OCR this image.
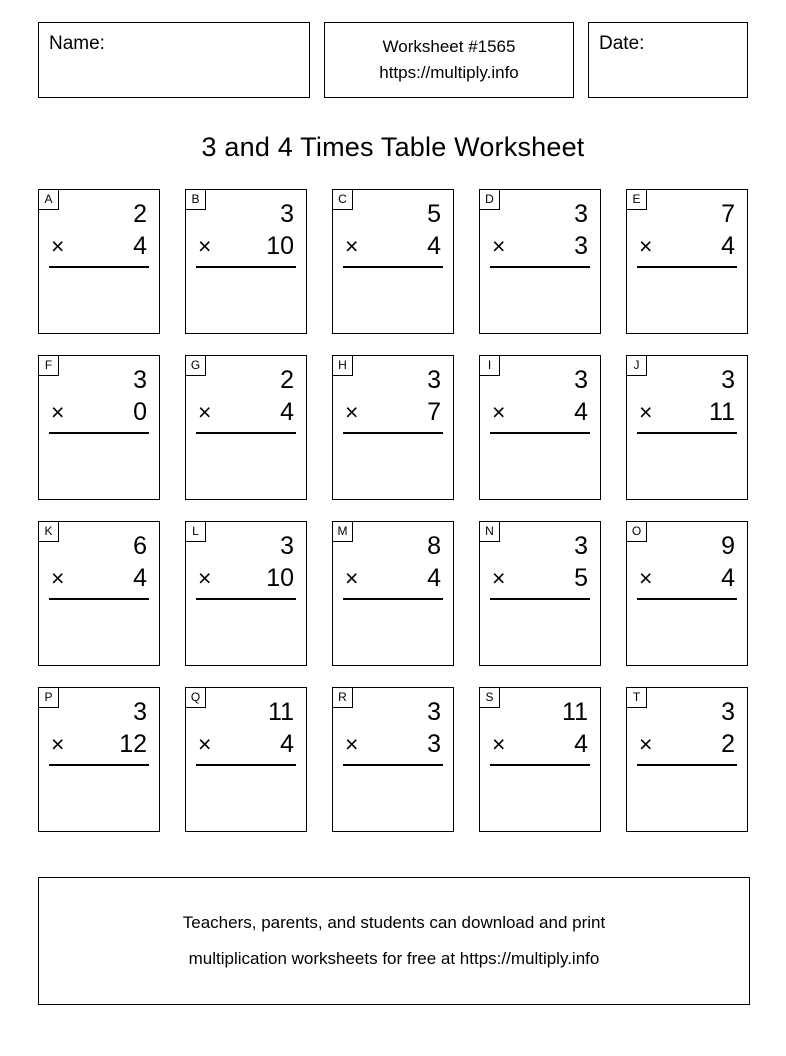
Name:	Worksheet #1565
https://multiply.info
Date:
3 and 4 Times Table Worksheet
A
2
×	4
B
3
× 10
C
5
×	4
D
3
×	3
E
7
×	4
F
3
×	0
G
2
×	4
H
3
×	7
I
3
×	4
J
3
× 11
K
6
×	4
L
3
× 10
M
8
×	4
N
3
×	5
O
9
×	4
P
3
× 12
Q
11
×	4
R
3
×	3
S
11
×	4
T
3
×	2
Teachers, parents, and students can download and print
multiplication worksheets for free at https://multiply.info
